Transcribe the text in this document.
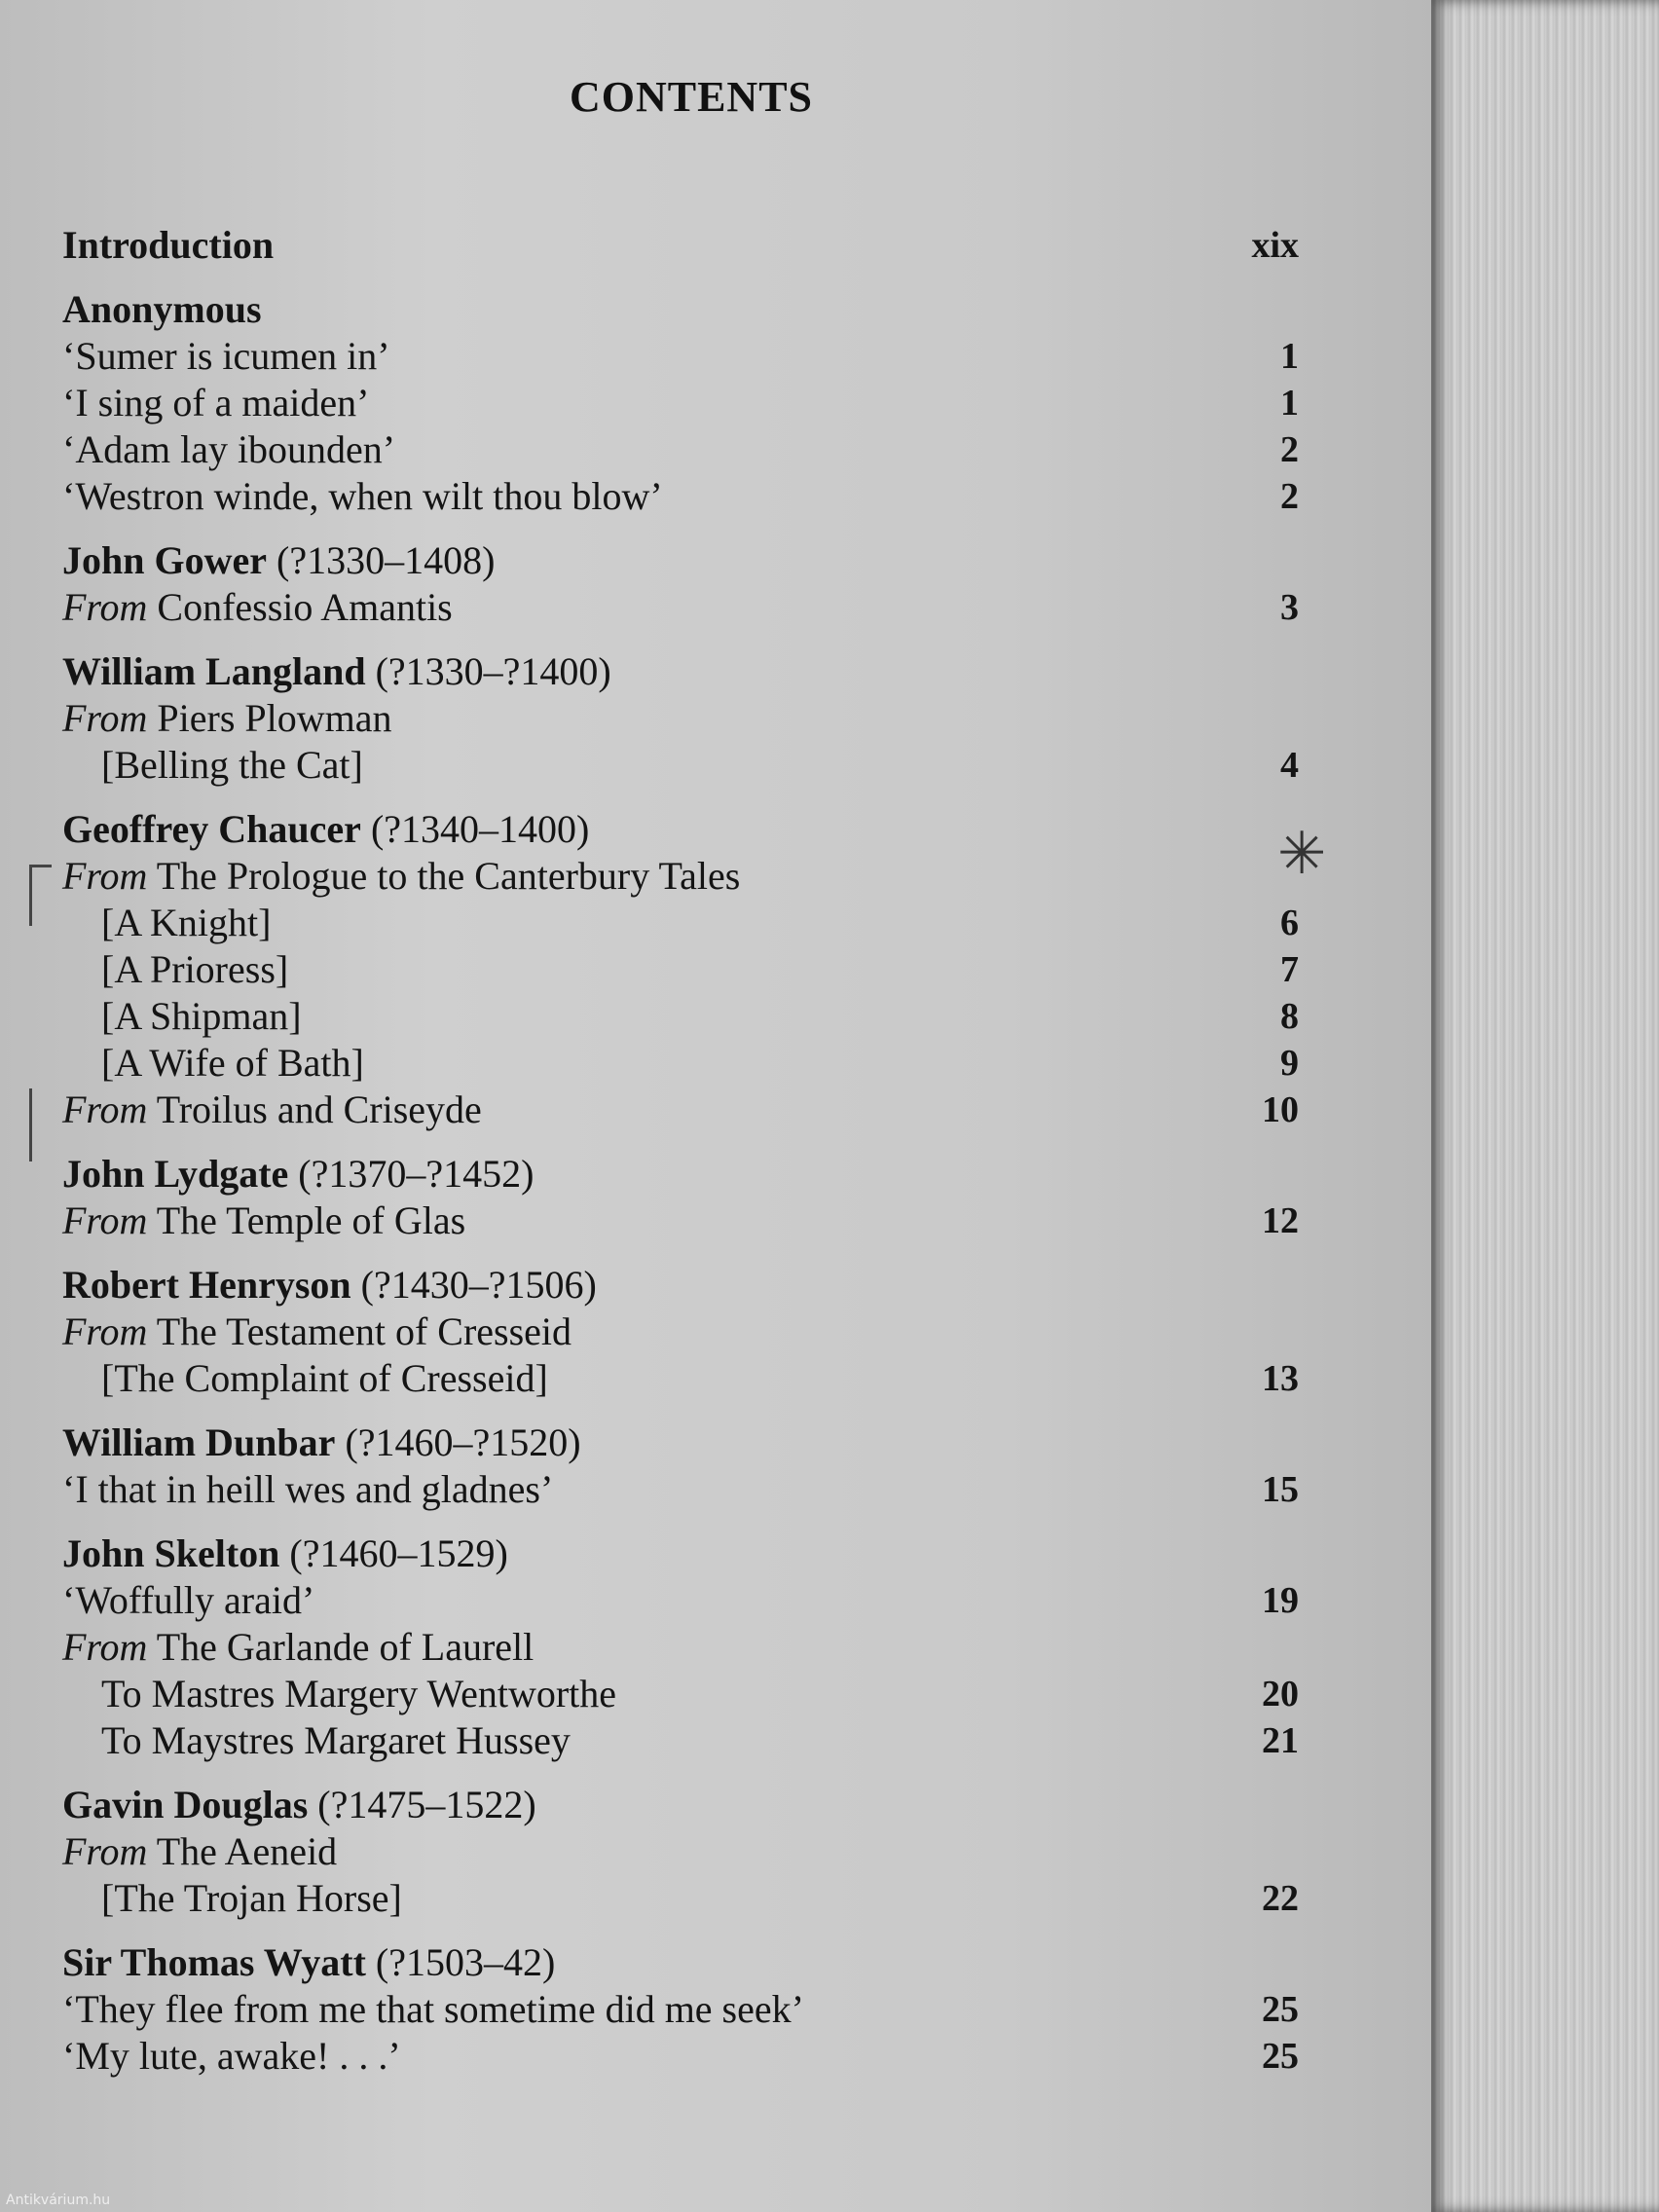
CONTENTS
Introduction	xix
Anonymous
‘Sumer is icumen in’	1
‘I sing of a maiden’	1
‘Adam lay ibounden’	2
‘Westron winde, when wilt thou blow’	2
John Gower (?1330–1408)
From Confessio Amantis	3
William Langland (?1330–?1400)
From Piers Plowman
[Belling the Cat]	4
Geoffrey Chaucer (?1340–1400)
From The Prologue to the Canterbury Tales
[A Knight]	6
[A Prioress]	7
[A Shipman]	8
[A Wife of Bath]	9
From Troilus and Criseyde	10
John Lydgate (?1370–?1452)
From The Temple of Glas	12
Robert Henryson (?1430–?1506)
From The Testament of Cresseid
[The Complaint of Cresseid]	13
William Dunbar (?1460–?1520)
‘I that in heill wes and gladnes’	15
John Skelton (?1460–1529)
‘Woffully araid’	19
From The Garlande of Laurell
To Mastres Margery Wentworthe	20
To Maystres Margaret Hussey	21
Gavin Douglas (?1475–1522)
From The Aeneid
[The Trojan Horse]	22
Sir Thomas Wyatt (?1503–42)
‘They flee from me that sometime did me seek’	25
‘My lute, awake! . . .’	25
✳
Antikvárium.hu
